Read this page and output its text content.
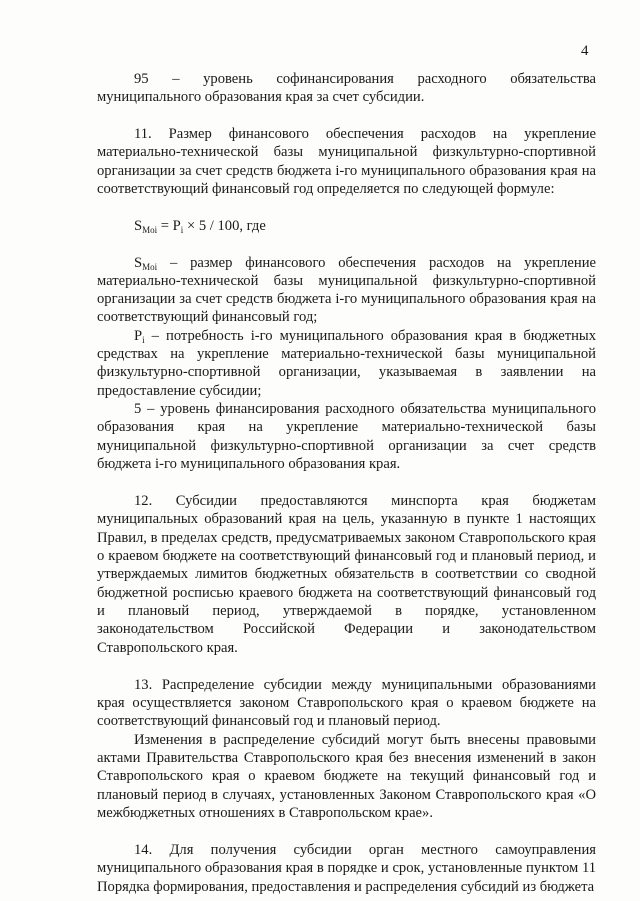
4

95 – уровень софинансирования расходного обязательства муниципального образования края за счет субсидии.

11. Размер финансового обеспечения расходов на укрепление материально-технической базы муниципальной физкультурно-спортивной организации за счет средств бюджета i-го муниципального образования края на соответствующий финансовый год определяется по следующей формуле:

$S_{Moi} = P_i \times 5 / 100$, где

$S_{Moi}$ – размер финансового обеспечения расходов на укрепление материально-технической базы муниципальной физкультурно-спортивной организации за счет средств бюджета i-го муниципального образования края на соответствующий финансовый год;

$P_i$ – потребность i-го муниципального образования края в бюджетных средствах на укрепление материально-технической базы муниципальной физкультурно-спортивной организации, указываемая в заявлении на предоставление субсидии;

5 – уровень финансирования расходного обязательства муниципального образования края на укрепление материально-технической базы муниципальной физкультурно-спортивной организации за счет средств бюджета i-го муниципального образования края.

12. Субсидии предоставляются минспорта края бюджетам муниципальных образований края на цель, указанную в пункте 1 настоящих Правил, в пределах средств, предусматриваемых законом Ставропольского края о краевом бюджете на соответствующий финансовый год и плановый период, и утверждаемых лимитов бюджетных обязательств в соответствии со сводной бюджетной росписью краевого бюджета на соответствующий финансовый год и плановый период, утверждаемой в порядке, установленном законодательством Российской Федерации и законодательством Ставропольского края.

13. Распределение субсидии между муниципальными образованиями края осуществляется законом Ставропольского края о краевом бюджете на соответствующий финансовый год и плановый период.

Изменения в распределение субсидий могут быть внесены правовыми актами Правительства Ставропольского края без внесения изменений в закон Ставропольского края о краевом бюджете на текущий финансовый год и плановый период в случаях, установленных Законом Ставропольского края «О межбюджетных отношениях в Ставропольском крае».

14. Для получения субсидии орган местного самоуправления муниципального образования края в порядке и срок, установленные пунктом 11 Порядка формирования, предоставления и распределения субсидий из бюджета
